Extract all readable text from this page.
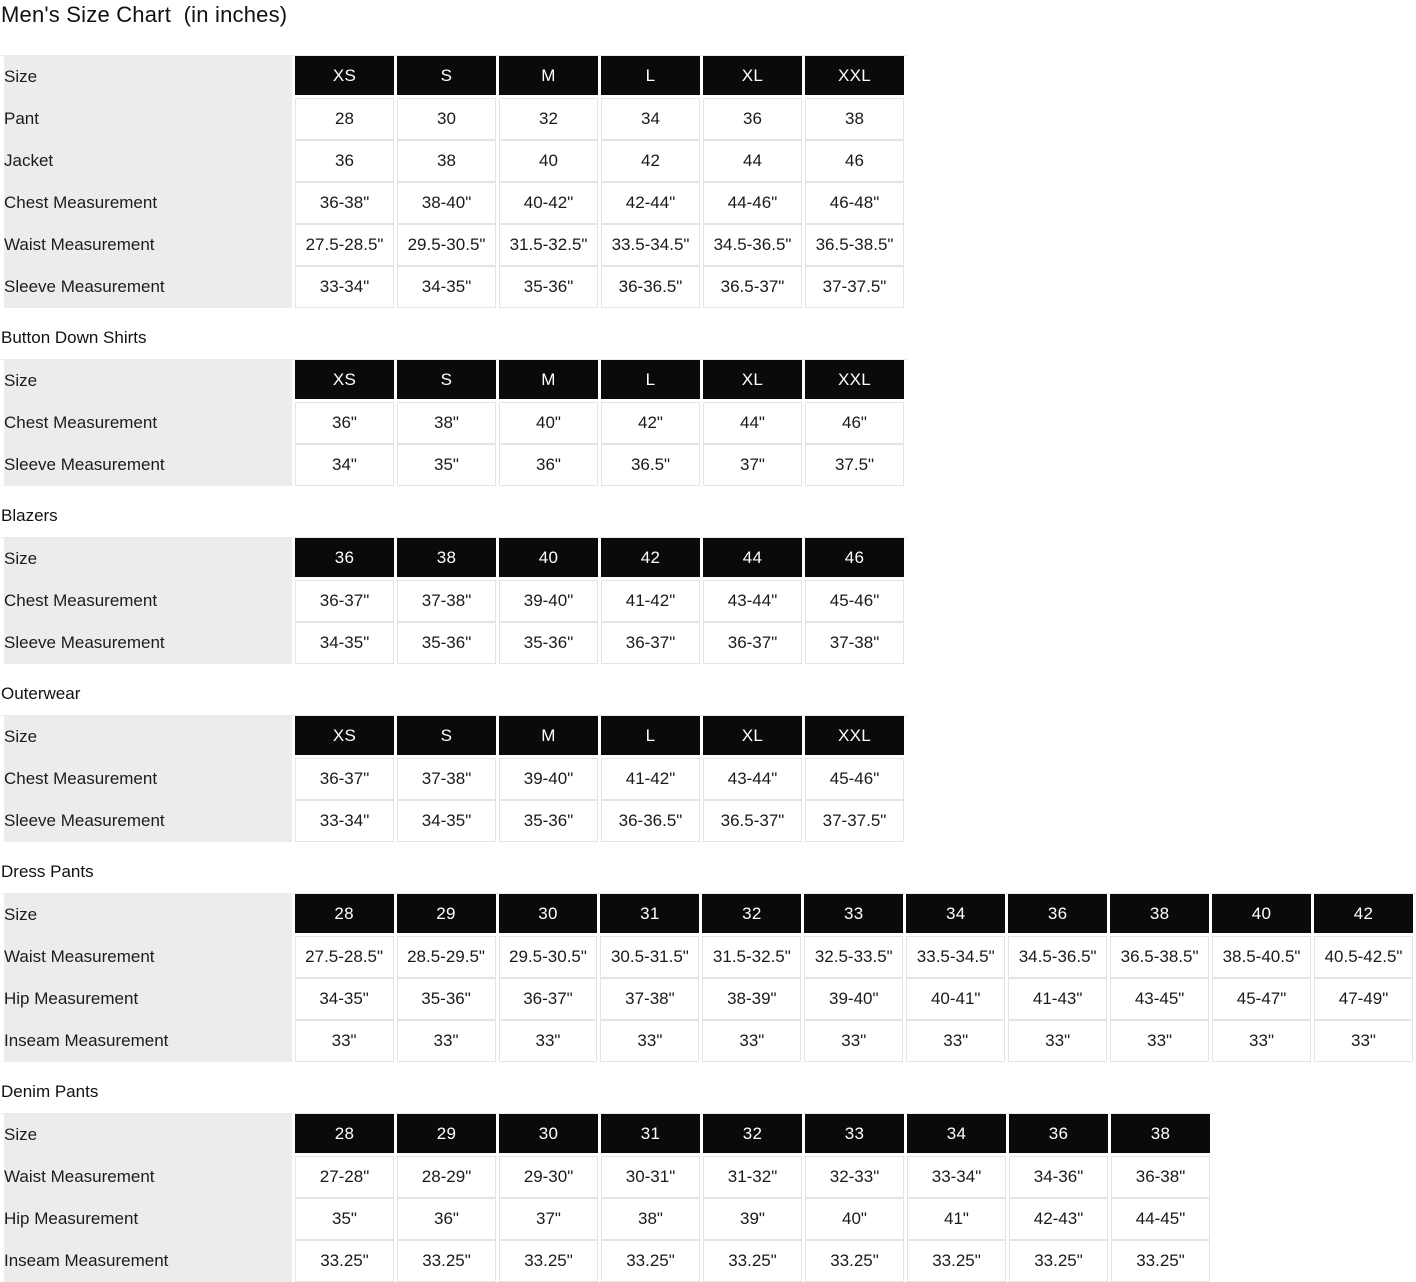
Men's Size Chart  (in inches)
Size	XS	S	M	L	XL	XXL
Pant	28	30	32	34	36	38
Jacket	36	38	40	42	44	46
Chest Measurement	36-38"	38-40"	40-42"	42-44"	44-46"	46-48"
Waist Measurement	27.5-28.5"	29.5-30.5"	31.5-32.5"	33.5-34.5"	34.5-36.5"	36.5-38.5"
Sleeve Measurement	33-34"	34-35"	35-36"	36-36.5"	36.5-37"	37-37.5"
Button Down Shirts
Size	XS	S	M	L	XL	XXL
Chest Measurement	36"	38"	40"	42"	44"	46"
Sleeve Measurement	34"	35"	36"	36.5"	37"	37.5"
Blazers
Size	36	38	40	42	44	46
Chest Measurement	36-37"	37-38"	39-40"	41-42"	43-44"	45-46"
Sleeve Measurement	34-35"	35-36"	35-36"	36-37"	36-37"	37-38"
Outerwear
Size	XS	S	M	L	XL	XXL
Chest Measurement	36-37"	37-38"	39-40"	41-42"	43-44"	45-46"
Sleeve Measurement	33-34"	34-35"	35-36"	36-36.5"	36.5-37"	37-37.5"
Dress Pants
Size	28	29	30	31	32	33	34	36	38	40	42
Waist Measurement	27.5-28.5"	28.5-29.5"	29.5-30.5"	30.5-31.5"	31.5-32.5"	32.5-33.5"	33.5-34.5"	34.5-36.5"	36.5-38.5"	38.5-40.5"	40.5-42.5"
Hip Measurement	34-35"	35-36"	36-37"	37-38"	38-39"	39-40"	40-41"	41-43"	43-45"	45-47"	47-49"
Inseam Measurement	33"	33"	33"	33"	33"	33"	33"	33"	33"	33"	33"
Denim Pants
Size	28	29	30	31	32	33	34	36	38
Waist Measurement	27-28"	28-29"	29-30"	30-31"	31-32"	32-33"	33-34"	34-36"	36-38"
Hip Measurement	35"	36"	37"	38"	39"	40"	41"	42-43"	44-45"
Inseam Measurement	33.25"	33.25"	33.25"	33.25"	33.25"	33.25"	33.25"	33.25"	33.25"
